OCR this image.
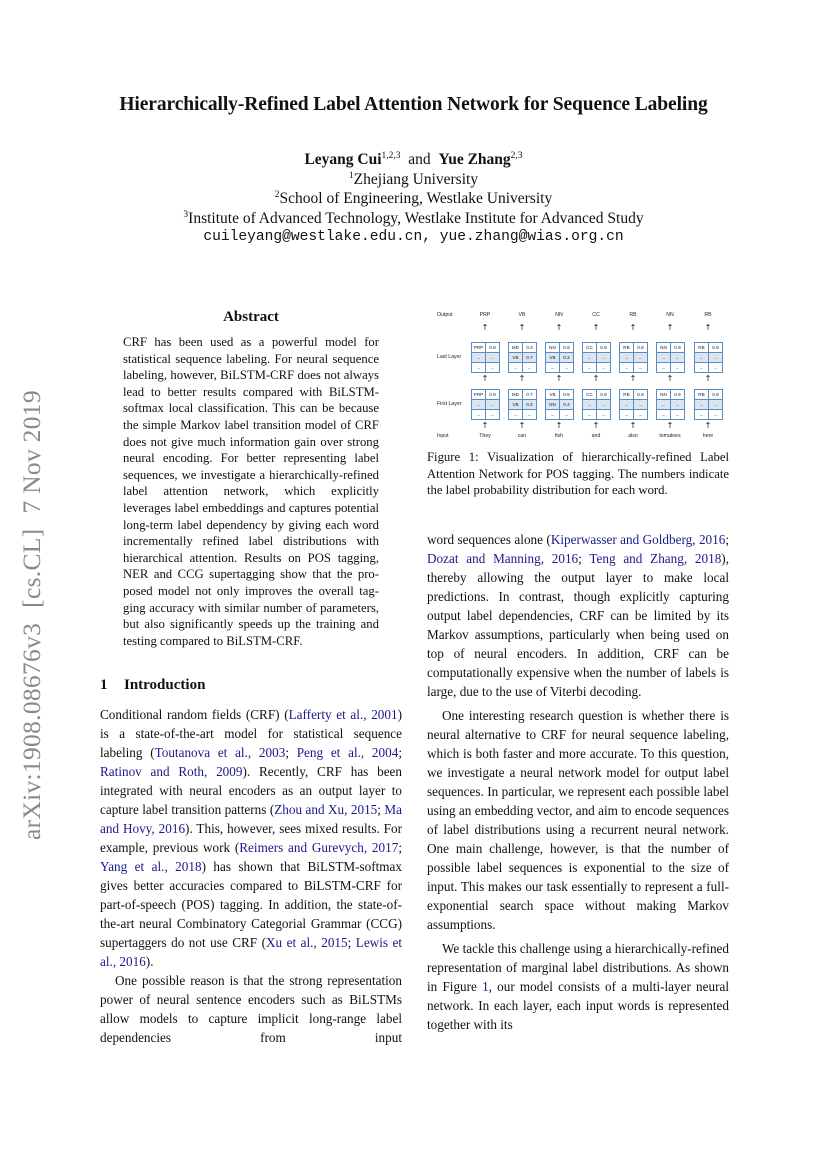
Hierarchically-Refined Label Attention Network for Sequence Labeling
Leyang Cui$^{1,2,3}$ and Yue Zhang$^{2,3}$
$^1$Zhejiang University
$^2$School of Engineering, Westlake University
$^3$Institute of Advanced Technology, Westlake Institute for Advanced Study
cuileyang@westlake.edu.cn, yue.zhang@wias.org.cn
arXiv:1908.08676v3[cs.CL]7 Nov 2019
Abstract
CRF has been used as a powerful model for statistical sequence labeling. For neural sequence labeling, however, BiLSTM-CRF does not always lead to better results compared with BiLSTM-softmax local classification. This can be because the simple Markov label transition model of CRF does not give much information gain over strong neural encoding. For better representing label sequences, we investigate a hierarchically-refined label attention network, which explicitly leverages label embeddings and captures potential long-term label dependency by giving each word incrementally refined label distributions with hierarchical attention. Results on POS tagging, NER and CCG supertagging show that the proposed model not only improves the overall tagging accuracy with similar number of parameters, but also significantly speeds up the training and testing compared to BiLSTM-CRF.
1 Introduction

Conditional random fields (CRF) (Lafferty et al., 2001) is a state-of-the-art model for statistical sequence labeling (Toutanova et al., 2003; Peng et al., 2004; Ratinov and Roth, 2009). Recently, CRF has been integrated with neural encoders as an output layer to capture label transition patterns (Zhou and Xu, 2015; Ma and Hovy, 2016). This, however, sees mixed results. For example, previous work (Reimers and Gurevych, 2017; Yang et al., 2018) has shown that BiLSTM-softmax gives better accuracies compared to BiLSTM-CRF for part-of-speech (POS) tagging. In addition, the state-of-the-art neural Combinatory Categorial Grammar (CCG) supertaggers do not use CRF (Xu et al., 2015; Lewis et al., 2016).

One possible reason is that the strong representation power of neural sentence encoders such as BiLSTMs allow models to capture implicit long-range label dependencies from input

Output
Last Layer
First Layer
Input
PRP
↑
PRP	0.9
...	...
...	...
↑
PRP	0.9
...	...
...	...
↑
They
VB
↑
MD	0.3
VB	0.7
...	...
↑
MD	0.7
VB	0.2
...	...
↑
can
NN
↑
NN	0.8
VB	0.2
...	...
↑
VB	0.5
NN	0.4
...	...
↑
fish
CC
↑
CC	0.9
...	...
...	...
↑
CC	0.9
...	...
...	...
↑
and
RB
↑
RB	0.9
...	...
...	...
↑
RB	0.9
...	...
...	...
↑
also
NN
↑
NN	0.9
...	...
...	...
↑
NN	0.9
...	...
...	...
↑
tomatoes
RB
↑
RB	0.9
...	...
...	...
↑
RB	0.9
...	...
...	...
↑
here
Figure 1: Visualization of hierarchically-refined Label Attention Network for POS tagging. The numbers indicate the label probability distribution for each word.

word sequences alone (Kiperwasser and Goldberg, 2016; Dozat and Manning, 2016; Teng and Zhang, 2018), thereby allowing the output layer to make local predictions. In contrast, though explicitly capturing output label dependencies, CRF can be limited by its Markov assumptions, particularly when being used on top of neural encoders. In addition, CRF can be computationally expensive when the number of labels is large, due to the use of Viterbi decoding.

One interesting research question is whether there is neural alternative to CRF for neural sequence labeling, which is both faster and more accurate. To this question, we investigate a neural network model for output label sequences. In particular, we represent each possible label using an embedding vector, and aim to encode sequences of label distributions using a recurrent neural network. One main challenge, however, is that the number of possible label sequences is exponential to the size of input. This makes our task essentially to represent a full-exponential search space without making Markov assumptions.

We tackle this challenge using a hierarchically-refined representation of marginal label distributions. As shown in Figure 1, our model consists of a multi-layer neural network. In each layer, each input words is represented together with its
